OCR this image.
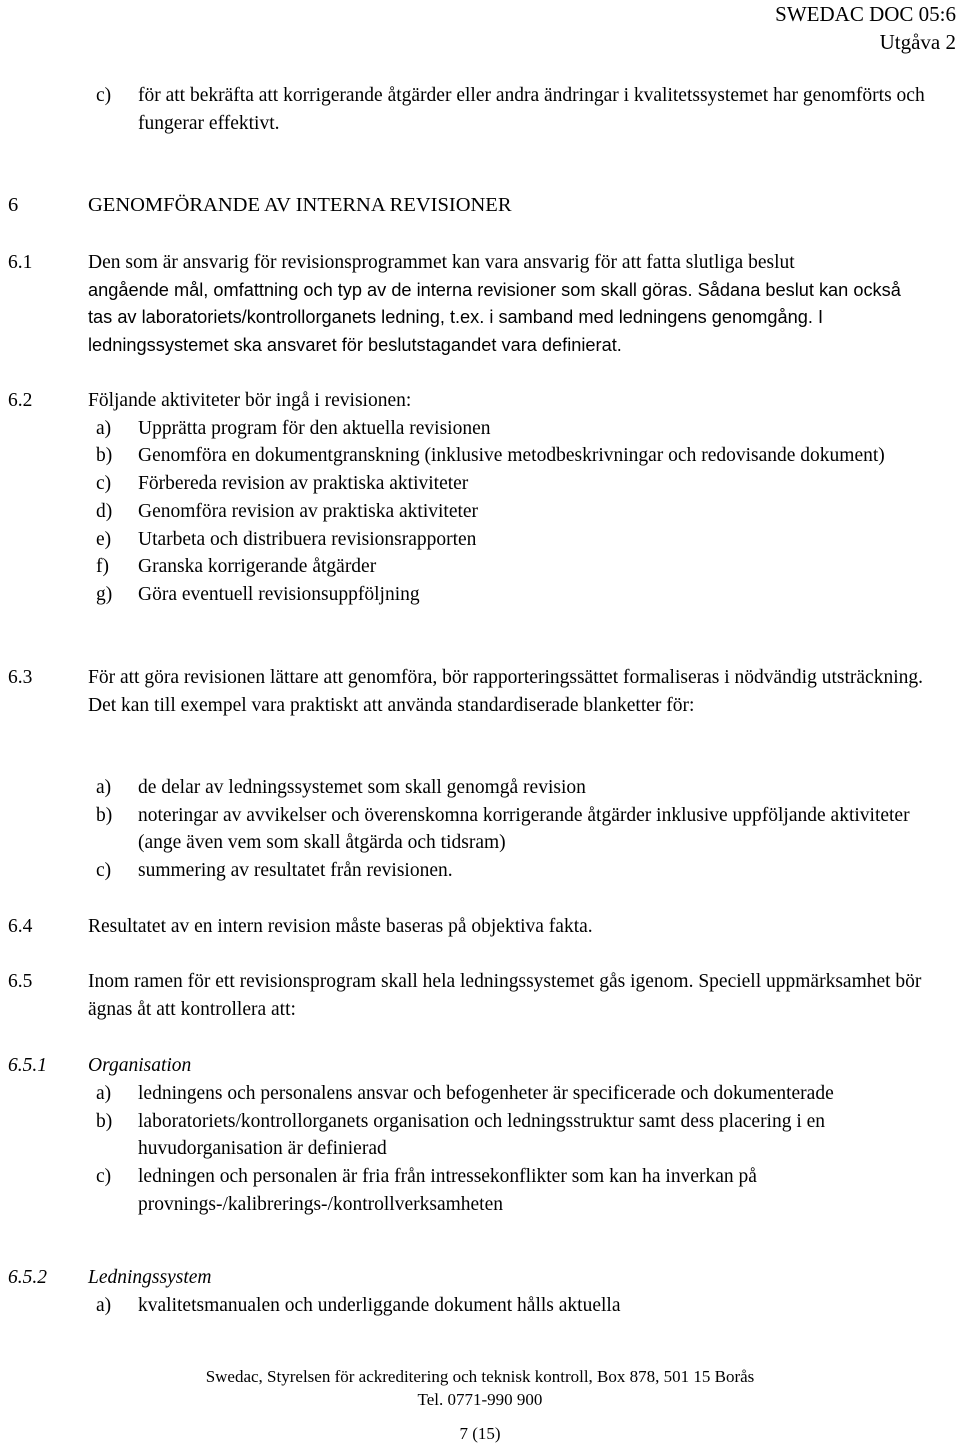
SWEDAC DOC 05:6
Utgåva 2
c) för att bekräfta att korrigerande åtgärder eller andra ändringar i kvalitetssystemet har genomförts och fungerar effektivt.
6	GENOMFÖRANDE AV INTERNA REVISIONER
6.1	Den som är ansvarig för revisionsprogrammet kan vara ansvarig för att fatta slutliga beslut
angående mål, omfattning och typ av de interna revisioner som skall göras. Sådana beslut kan också tas av laboratoriets/kontrollorganets ledning, t.ex. i samband med ledningens genomgång. I ledningssystemet ska ansvaret för beslutstagandet vara definierat.
6.2	Följande aktiviteter bör ingå i revisionen:
a) Upprätta program för den aktuella revisionen
b) Genomföra en dokumentgranskning (inklusive metodbeskrivningar och redovisande dokument)
c) Förbereda revision av praktiska aktiviteter
d) Genomföra revision av praktiska aktiviteter
e) Utarbeta och distribuera revisionsrapporten
f) Granska korrigerande åtgärder
g) Göra eventuell revisionsuppföljning
6.3	För att göra revisionen lättare att genomföra, bör rapporteringssättet formaliseras i nödvändig utsträckning. Det kan till exempel vara praktiskt att använda standardiserade blanketter för:
a) de delar av ledningssystemet som skall genomgå revision
b) noteringar av avvikelser och överenskomna korrigerande åtgärder inklusive uppföljande aktiviteter (ange även vem som skall åtgärda och tidsram)
c) summering av resultatet från revisionen.
6.4	Resultatet av en intern revision måste baseras på objektiva fakta.
6.5	Inom ramen för ett revisionsprogram skall hela ledningssystemet gås igenom. Speciell uppmärksamhet bör ägnas åt att kontrollera att:
6.5.1 Organisation
a) ledningens och personalens ansvar och befogenheter är specificerade och dokumenterade
b) laboratoriets/kontrollorganets organisation och ledningsstruktur samt dess placering i en huvudorganisation är definierad
c) ledningen och personalen är fria från intressekonflikter som kan ha inverkan på provnings-/kalibrerings-/kontrollverksamheten
6.5.2 Ledningssystem
a) kvalitetsmanualen och underliggande dokument hålls aktuella
Swedac, Styrelsen för ackreditering och teknisk kontroll, Box 878, 501 15 Borås
Tel. 0771-990 900
7 (15)
